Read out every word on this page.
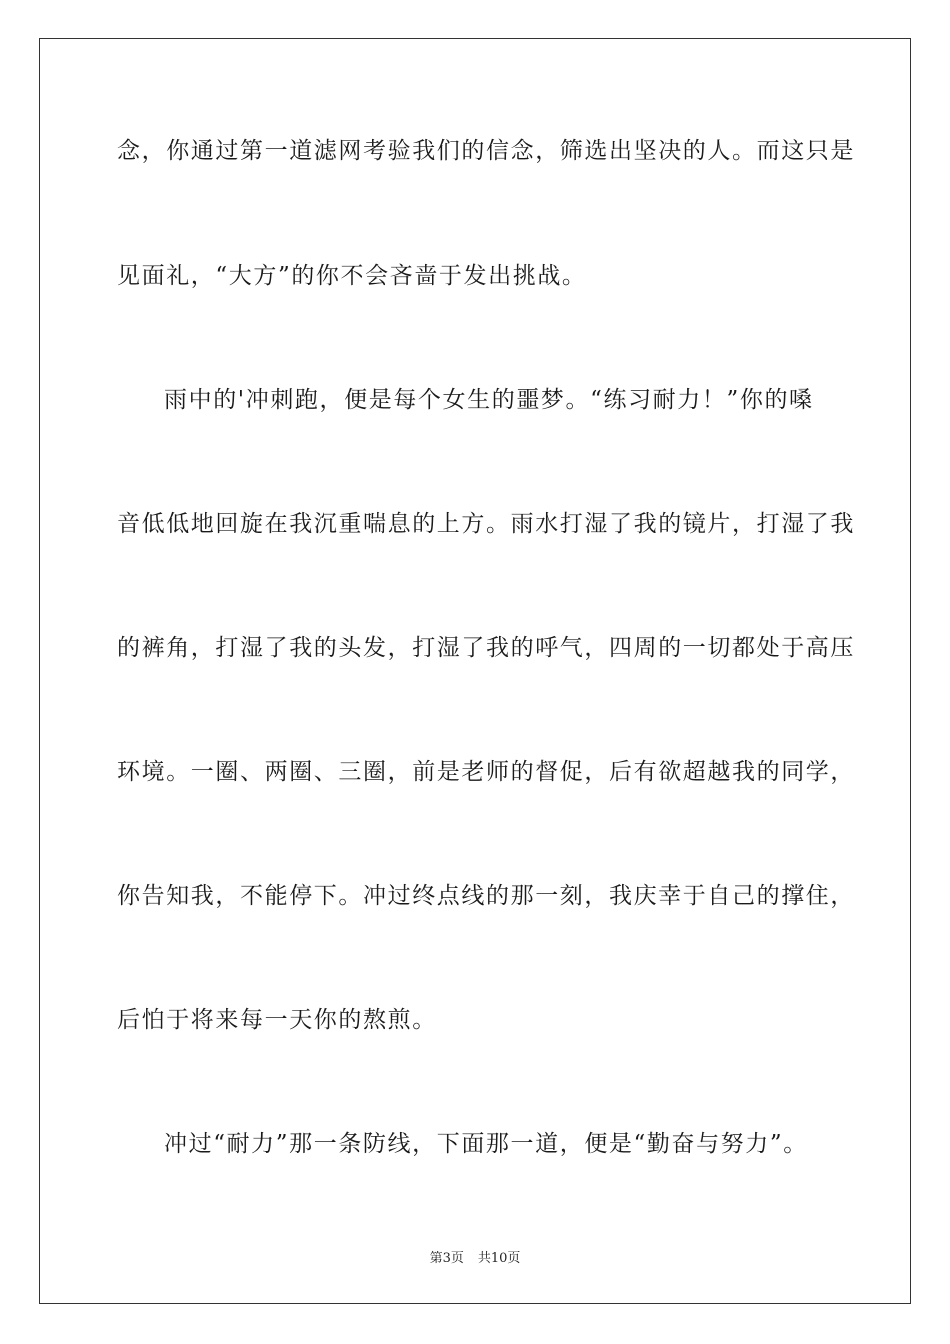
念，你通过第一道滤网考验我们的信念，筛选出坚决的人。而这只是
见面礼，“大方”的你不会吝啬于发出挑战。
雨中的'冲刺跑，便是每个女生的噩梦。“练习耐力！”你的嗓
音低低地回旋在我沉重喘息的上方。雨水打湿了我的镜片，打湿了我
的裤角，打湿了我的头发，打湿了我的呼气，四周的一切都处于高压
环境。一圈、两圈、三圈，前是老师的督促，后有欲超越我的同学，
你告知我，不能停下。冲过终点线的那一刻，我庆幸于自己的撑住，
后怕于将来每一天你的熬煎。
冲过“耐力”那一条防线，下面那一道，便是“勤奋与努力”。
第3页 共10页
